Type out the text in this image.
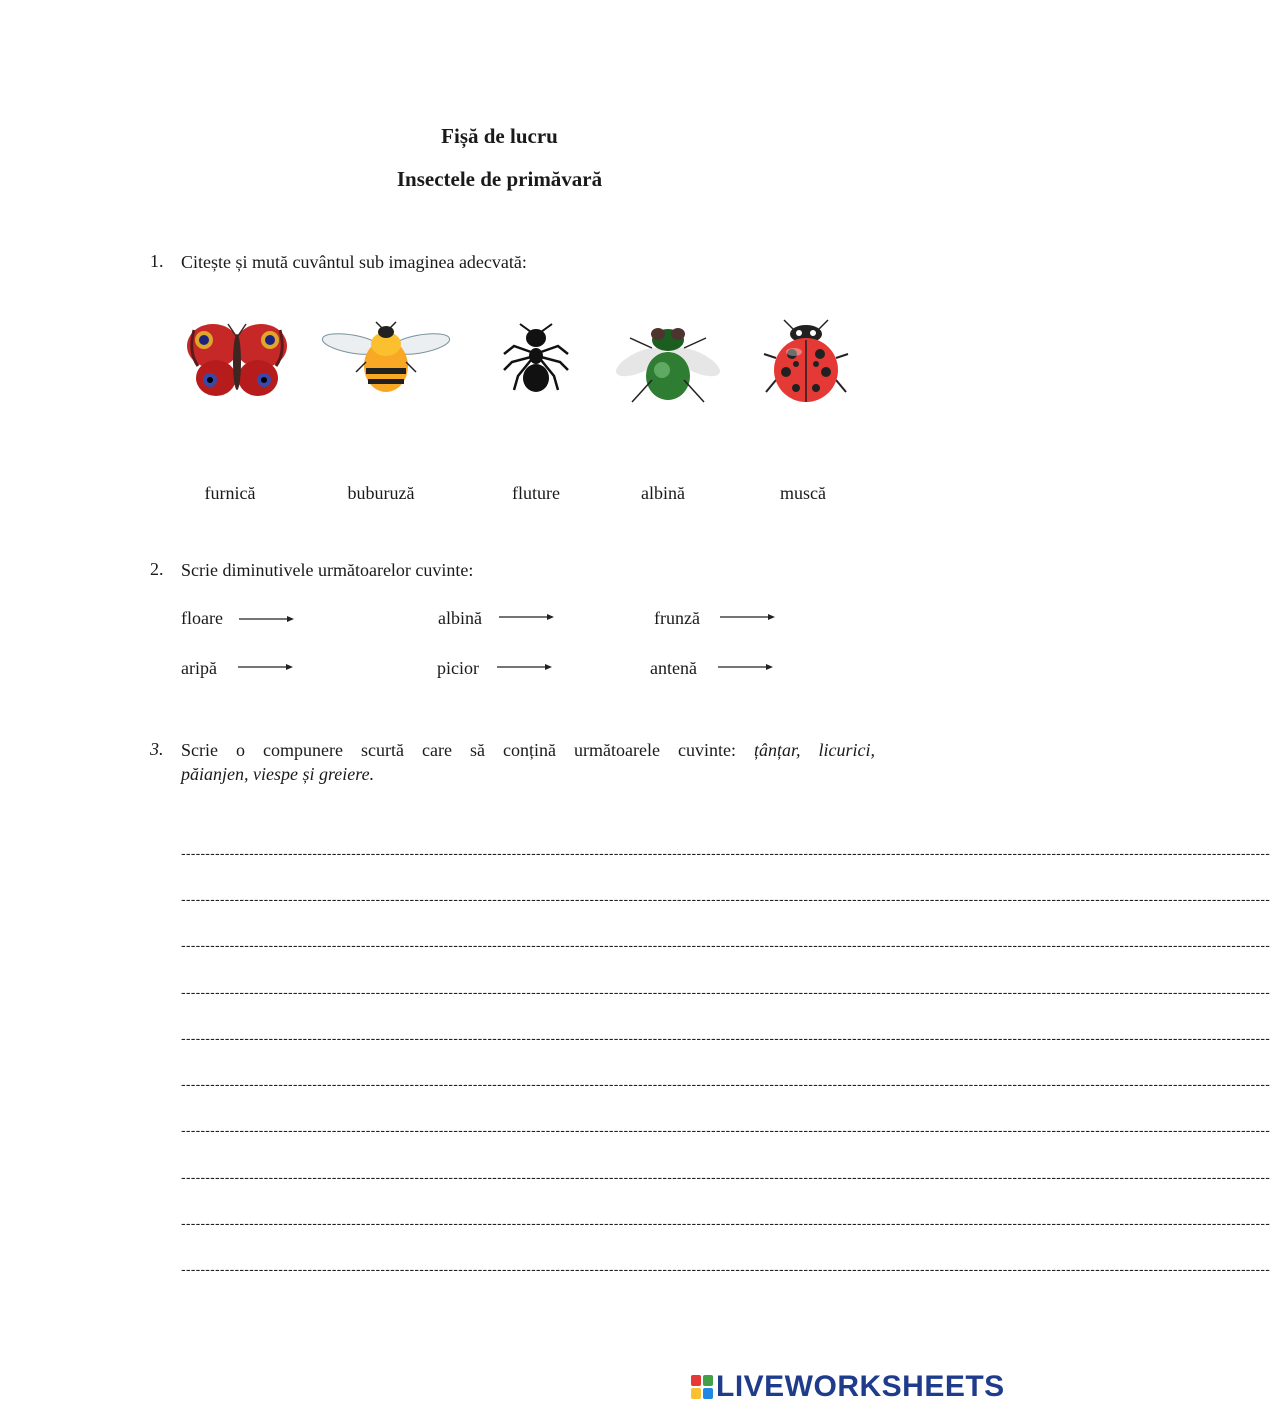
Fișă de lucru
Insectele de primăvară
1. Citește și mută cuvântul sub imaginea adecvată:
furnică	buburuză	fluture	albină	muscă
2. Scrie diminutivele următoarelor cuvinte:
floare	albină	frunză
aripă	picior	antenă
3. Scrie o compunere scurtă care să conțină următoarele cuvinte: țânțar, licurici,
păianjen, viespe și greiere.
--------------------------------------------------------------------------------------------------------------------------------------------------------------------------------------------------------------------------------
--------------------------------------------------------------------------------------------------------------------------------------------------------------------------------------------------------------------------------
--------------------------------------------------------------------------------------------------------------------------------------------------------------------------------------------------------------------------------
--------------------------------------------------------------------------------------------------------------------------------------------------------------------------------------------------------------------------------
--------------------------------------------------------------------------------------------------------------------------------------------------------------------------------------------------------------------------------
--------------------------------------------------------------------------------------------------------------------------------------------------------------------------------------------------------------------------------
--------------------------------------------------------------------------------------------------------------------------------------------------------------------------------------------------------------------------------
--------------------------------------------------------------------------------------------------------------------------------------------------------------------------------------------------------------------------------
--------------------------------------------------------------------------------------------------------------------------------------------------------------------------------------------------------------------------------
--------------------------------------------------------------------------------------------------------------------------------------------------------------------------------------------------------------------------------
LIVEWORKSHEETS
